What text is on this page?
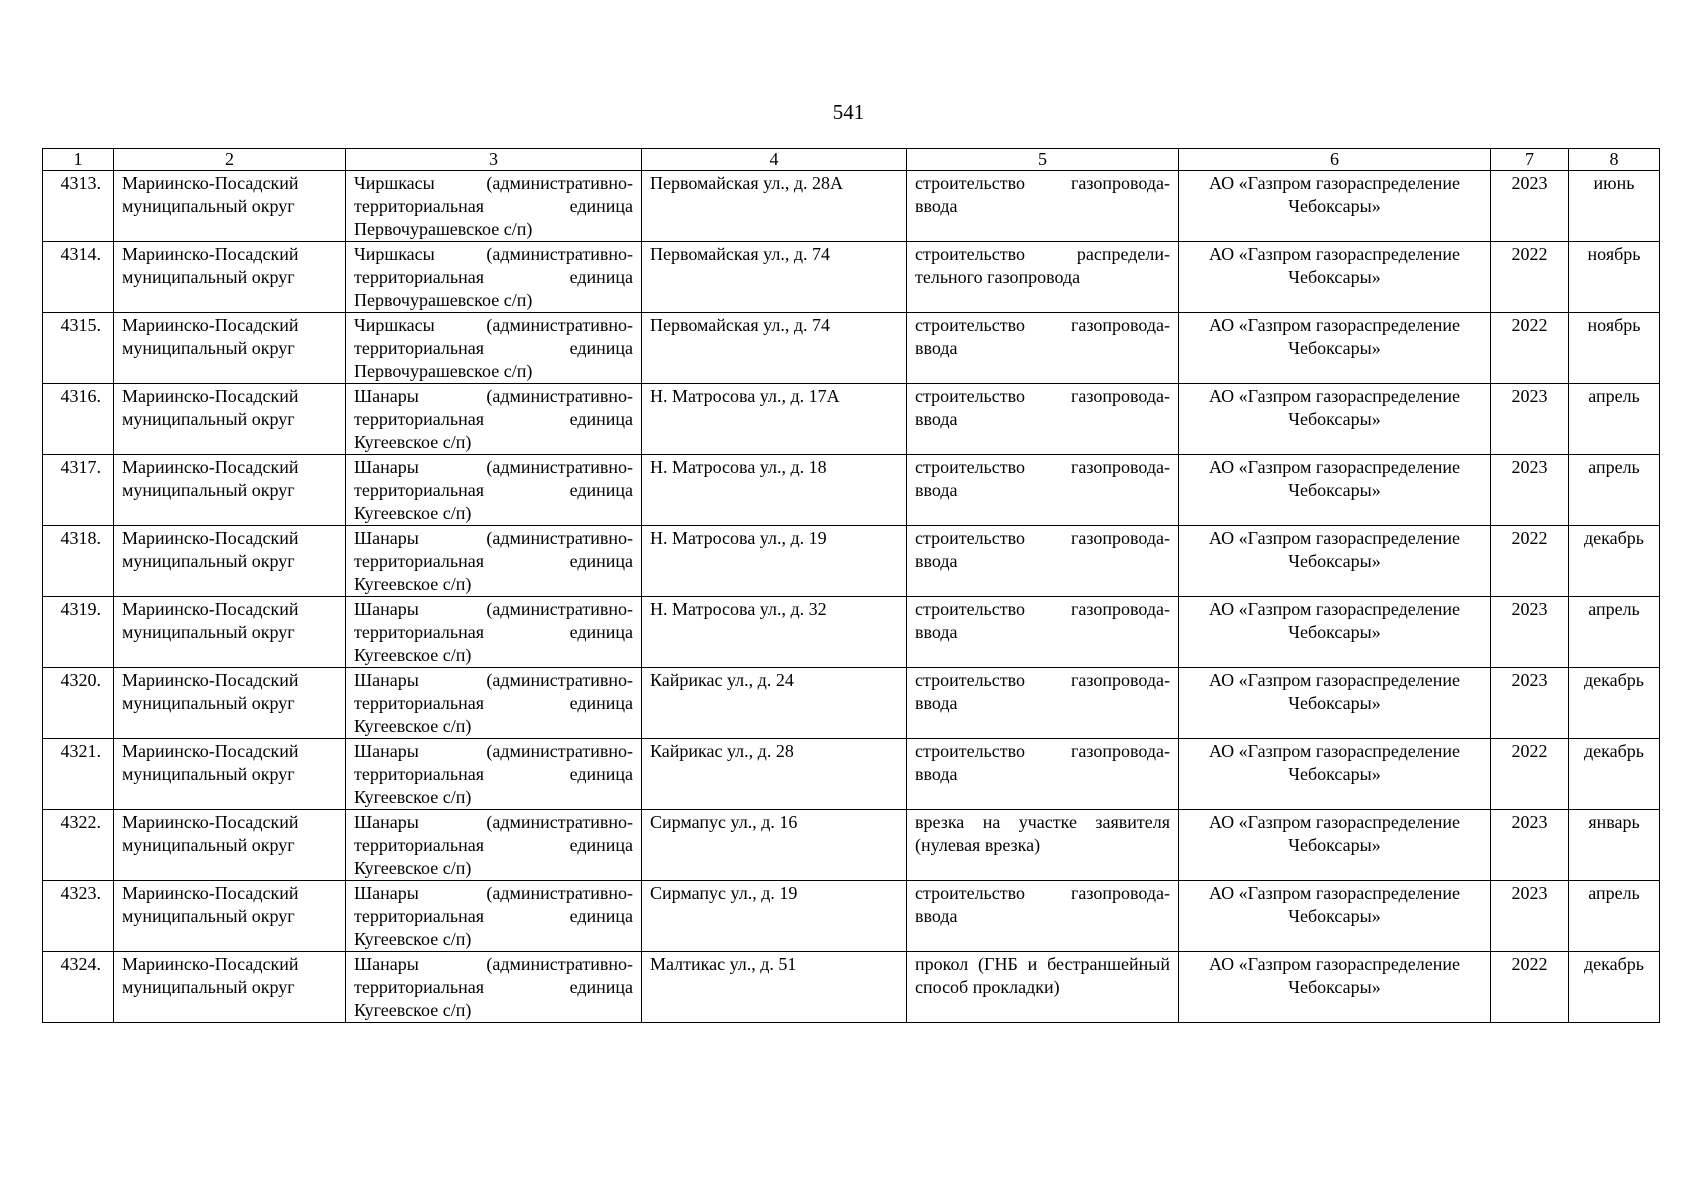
541
1	2	3	4	5	6	7	8
4313.	Мариинско-Посадский муниципальный округ	Чиршкасы (административно-территориальная единица Первочурашевское с/п)	Первомайская ул., д. 28А	строительство газопровода-ввода	АО «Газпром газораспределение Чебоксары»	2023	июнь
4314.	Мариинско-Посадский муниципальный округ	Чиршкасы (административно-территориальная единица Первочурашевское с/п)	Первомайская ул., д. 74	строительство распределительного газопровода	АО «Газпром газораспределение Чебоксары»	2022	ноябрь
4315.	Мариинско-Посадский муниципальный округ	Чиршкасы (административно-территориальная единица Первочурашевское с/п)	Первомайская ул., д. 74	строительство газопровода-ввода	АО «Газпром газораспределение Чебоксары»	2022	ноябрь
4316.	Мариинско-Посадский муниципальный округ	Шанары (административно-территориальная единица Кугеевское с/п)	Н. Матросова ул., д. 17А	строительство газопровода-ввода	АО «Газпром газораспределение Чебоксары»	2023	апрель
4317.	Мариинско-Посадский муниципальный округ	Шанары (административно-территориальная единица Кугеевское с/п)	Н. Матросова ул., д. 18	строительство газопровода-ввода	АО «Газпром газораспределение Чебоксары»	2023	апрель
4318.	Мариинско-Посадский муниципальный округ	Шанары (административно-территориальная единица Кугеевское с/п)	Н. Матросова ул., д. 19	строительство газопровода-ввода	АО «Газпром газораспределение Чебоксары»	2022	декабрь
4319.	Мариинско-Посадский муниципальный округ	Шанары (административно-территориальная единица Кугеевское с/п)	Н. Матросова ул., д. 32	строительство газопровода-ввода	АО «Газпром газораспределение Чебоксары»	2023	апрель
4320.	Мариинско-Посадский муниципальный округ	Шанары (административно-территориальная единица Кугеевское с/п)	Кайрикас ул., д. 24	строительство газопровода-ввода	АО «Газпром газораспределение Чебоксары»	2023	декабрь
4321.	Мариинско-Посадский муниципальный округ	Шанары (административно-территориальная единица Кугеевское с/п)	Кайрикас ул., д. 28	строительство газопровода-ввода	АО «Газпром газораспределение Чебоксары»	2022	декабрь
4322.	Мариинско-Посадский муниципальный округ	Шанары (административно-территориальная единица Кугеевское с/п)	Сирмапус ул., д. 16	врезка на участке заявителя (нулевая врезка)	АО «Газпром газораспределение Чебоксары»	2023	январь
4323.	Мариинско-Посадский муниципальный округ	Шанары (административно-территориальная единица Кугеевское с/п)	Сирмапус ул., д. 19	строительство газопровода-ввода	АО «Газпром газораспределение Чебоксары»	2023	апрель
4324.	Мариинско-Посадский муниципальный округ	Шанары (административно-территориальная единица Кугеевское с/п)	Малтикас ул., д. 51	прокол (ГНБ и бестраншейный способ прокладки)	АО «Газпром газораспределение Чебоксары»	2022	декабрь
